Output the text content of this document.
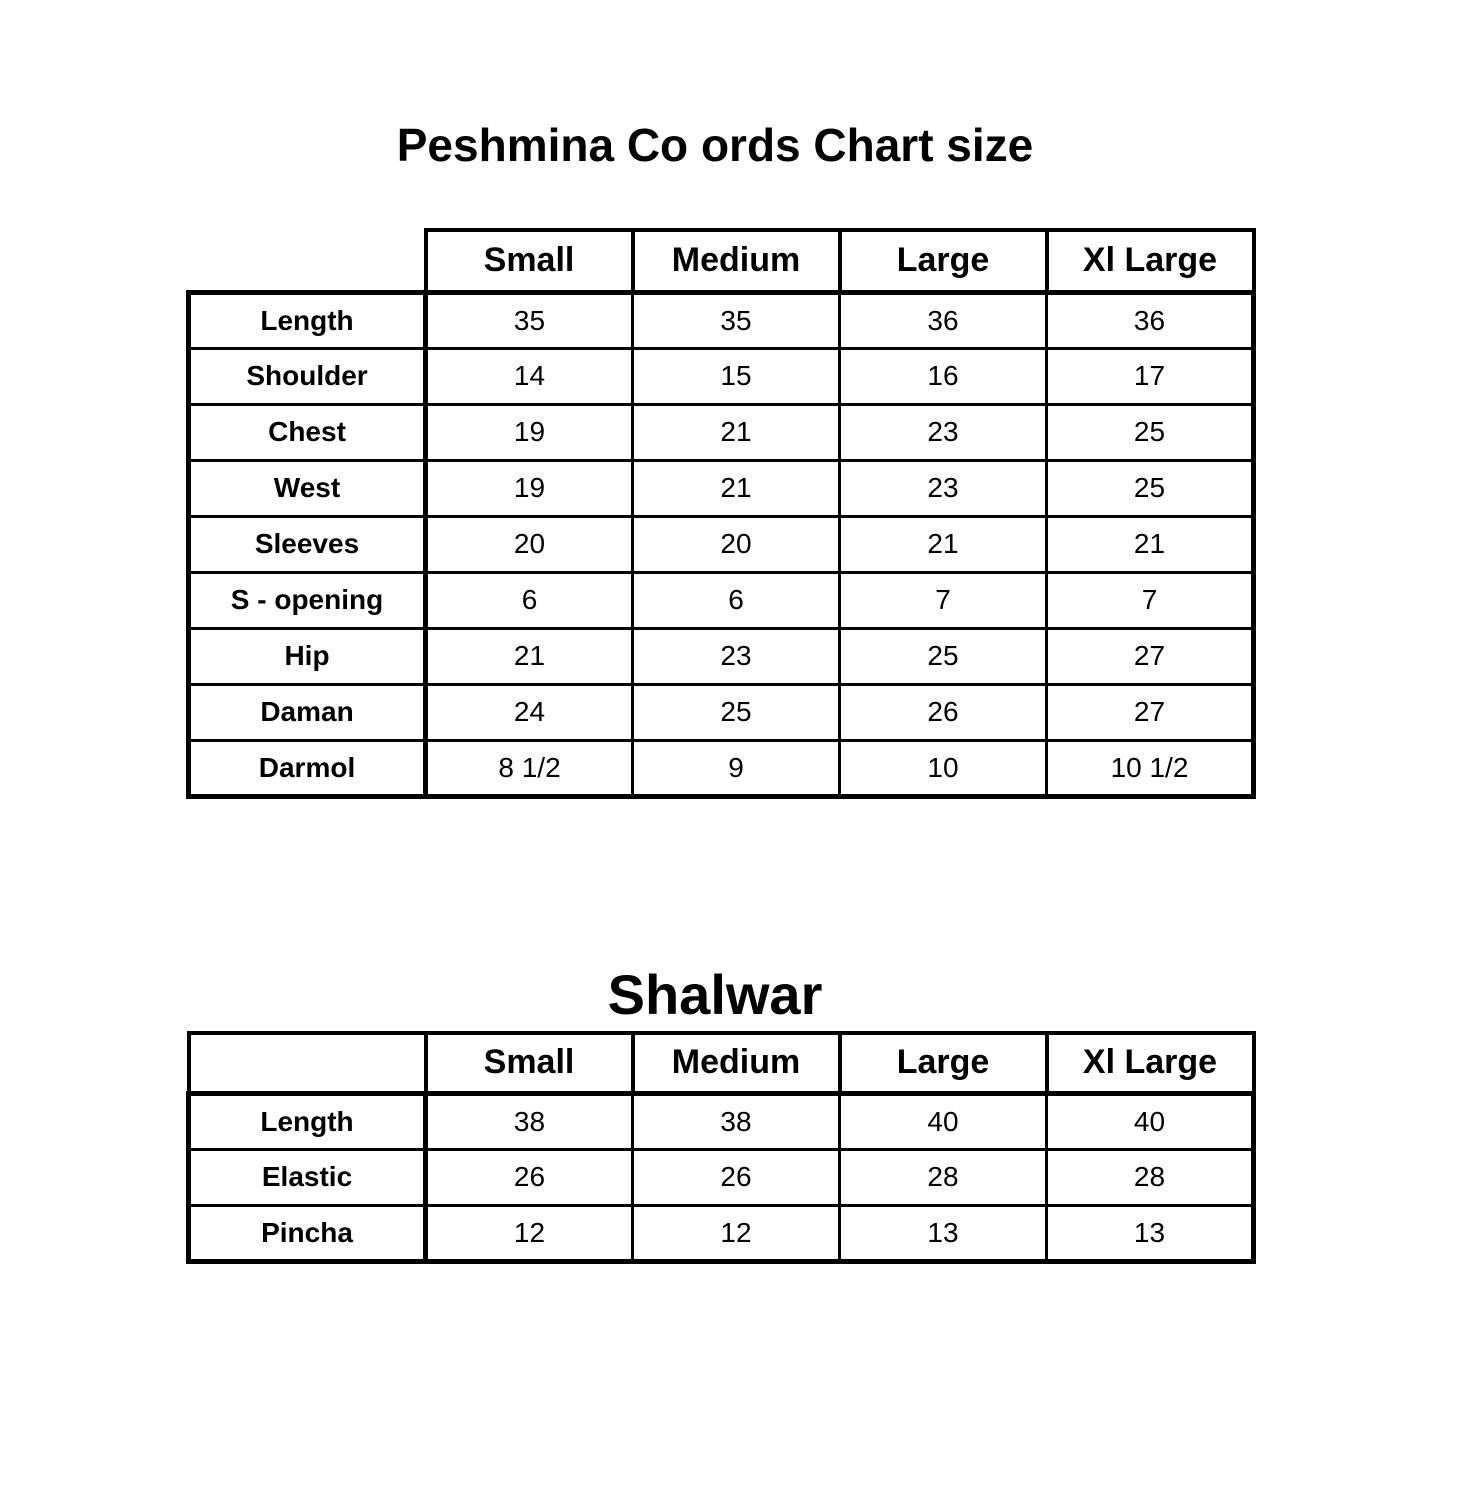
Peshmina Co ords Chart size
	Small	Medium	Large	Xl Large
Length	35	35	36	36
Shoulder	14	15	16	17
Chest	19	21	23	25
West	19	21	23	25
Sleeves	20	20	21	21
S - opening	6	6	7	7
Hip	21	23	25	27
Daman	24	25	26	27
Darmol	8 1/2	9	10	10 1/2
Shalwar
	Small	Medium	Large	Xl Large
Length	38	38	40	40
Elastic	26	26	28	28
Pincha	12	12	13	13
